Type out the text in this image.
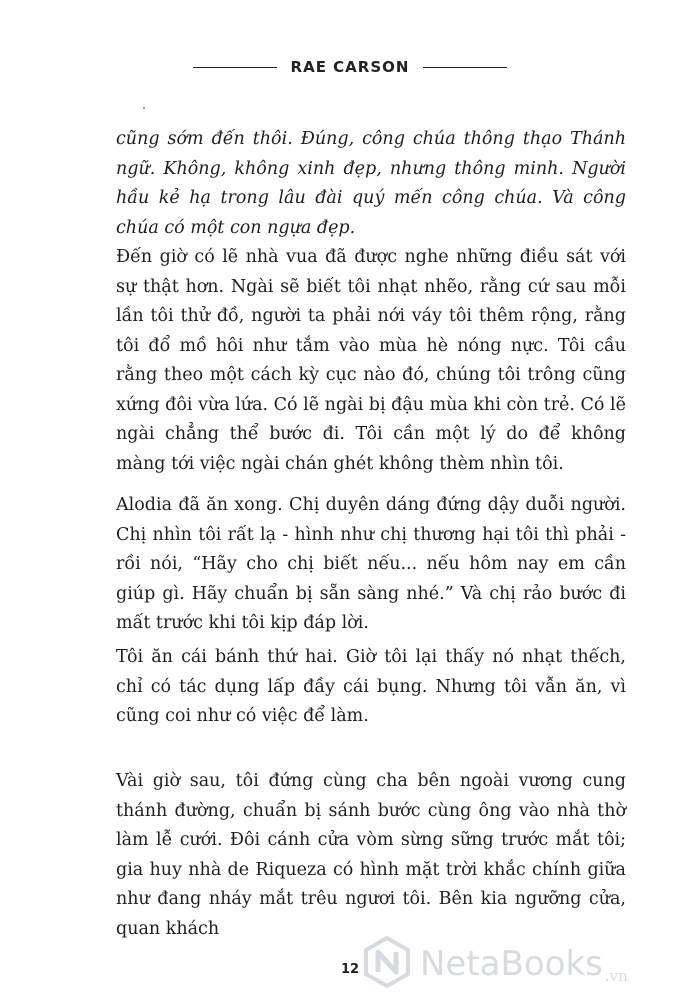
RAE CARSON

cũng sớm đến thôi. Đúng, công chúa thông thạo Thánh ngữ. Không, không xinh đẹp, nhưng thông minh. Người hầu kẻ hạ trong lâu đài quý mến công chúa. Và công chúa có một con ngựa đẹp.

Đến giờ có lẽ nhà vua đã được nghe những điều sát với sự thật hơn. Ngài sẽ biết tôi nhạt nhẽo, rằng cứ sau mỗi lần tôi thử đồ, người ta phải nới váy tôi thêm rộng, rằng tôi đổ mồ hôi như tắm vào mùa hè nóng nực. Tôi cầu rằng theo một cách kỳ cục nào đó, chúng tôi trông cũng xứng đôi vừa lứa. Có lẽ ngài bị đậu mùa khi còn trẻ. Có lẽ ngài chẳng thể bước đi. Tôi cần một lý do để không màng tới việc ngài chán ghét không thèm nhìn tôi.

Alodia đã ăn xong. Chị duyên dáng đứng dậy duỗi người. Chị nhìn tôi rất lạ - hình như chị thương hại tôi thì phải - rồi nói, “Hãy cho chị biết nếu... nếu hôm nay em cần giúp gì. Hãy chuẩn bị sẵn sàng nhé.” Và chị rảo bước đi mất trước khi tôi kịp đáp lời.

Tôi ăn cái bánh thứ hai. Giờ tôi lại thấy nó nhạt thếch, chỉ có tác dụng lấp đầy cái bụng. Nhưng tôi vẫn ăn, vì cũng coi như có việc để làm.

Vài giờ sau, tôi đứng cùng cha bên ngoài vương cung thánh đường, chuẩn bị sánh bước cùng ông vào nhà thờ làm lễ cưới. Đôi cánh cửa vòm sừng sững trước mắt tôi; gia huy nhà de Riqueza có hình mặt trời khắc chính giữa như đang nháy mắt trêu ngươi tôi. Bên kia ngưỡng cửa, quan khách

12	NetaBooks .vn
